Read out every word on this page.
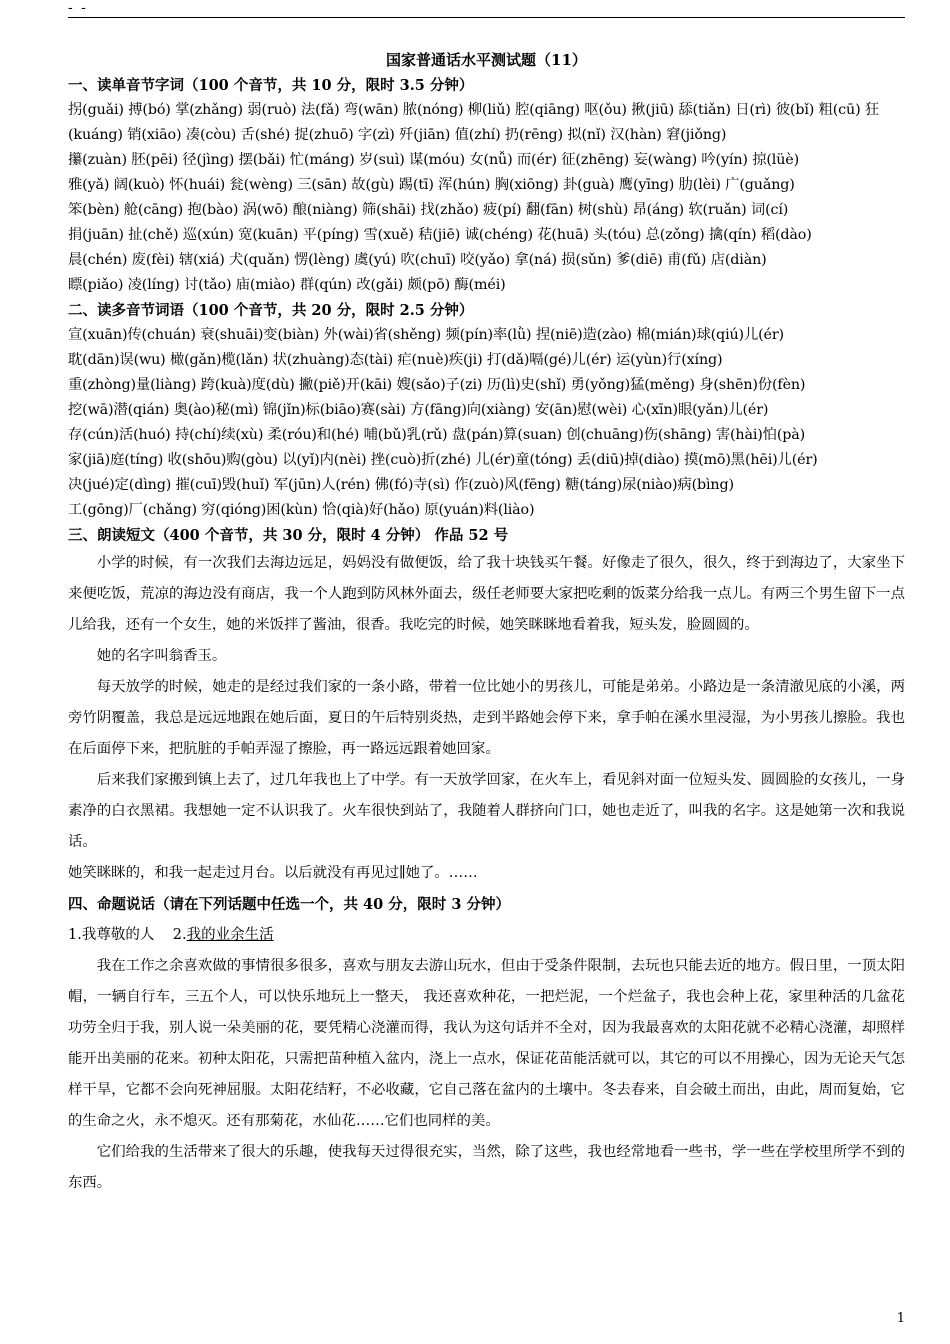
- -
国家普通话水平测试题（11）
一、读单音节字词（100 个音节，共 10 分，限时 3.5 分钟）
拐(guǎi) 搏(bó) 掌(zhǎng) 弱(ruò) 法(fǎ) 弯(wān) 脓(nóng) 柳(liǔ) 腔(qiāng) 呕(ǒu) 揪(jiū) 舔(tiǎn) 日(rì) 彼(bǐ) 粗(cū) 狂
(kuáng) 销(xiāo) 凑(còu) 舌(shé) 捉(zhuō) 字(zì) 歼(jiān) 值(zhí) 扔(rēng) 拟(nǐ) 汉(hàn) 窘(jiǒng)
攥(zuàn) 胚(pēi) 径(jìng) 摆(bǎi) 忙(máng) 岁(suì) 谋(móu) 女(nǚ) 而(ér) 征(zhēng) 妄(wàng) 吟(yín) 掠(lüè)
雅(yǎ) 阔(kuò) 怀(huái) 瓮(wèng) 三(sān) 故(gù) 踢(tī) 浑(hún) 胸(xiōng) 卦(guà) 鹰(yīng) 肋(lèi) 广(guǎng)
笨(bèn) 舱(cāng) 抱(bào) 涡(wō) 酿(niàng) 筛(shāi) 找(zhǎo) 疲(pí) 翻(fān) 树(shù) 昂(áng) 软(ruǎn) 词(cí)
捐(juān) 扯(chě) 巡(xún) 宽(kuān) 平(píng) 雪(xuě) 秸(jiē) 诚(chéng) 花(huā) 头(tóu) 总(zǒng) 擒(qín) 稻(dào)
晨(chén) 废(fèi) 辖(xiá) 犬(quǎn) 愣(lèng) 虞(yú) 吹(chuī) 咬(yǎo) 拿(ná) 损(sǔn) 爹(diē) 甫(fǔ) 店(diàn)
瞟(piǎo) 凌(líng) 讨(tǎo) 庙(miào) 群(qún) 改(gǎi) 颇(pō) 酶(méi)
二、读多音节词语（100 个音节，共 20 分，限时 2.5 分钟）
宣(xuān)传(chuán) 衰(shuāi)变(biàn) 外(wài)省(shěng) 频(pín)率(lǜ) 捏(niē)造(zào) 棉(mián)球(qiú)儿(ér)
耽(dān)误(wu) 橄(gǎn)榄(lǎn) 状(zhuàng)态(tài) 疟(nuè)疾(ji) 打(dǎ)嗝(gé)儿(ér) 运(yùn)行(xíng)
重(zhòng)量(liàng) 跨(kuà)度(dù) 撇(piě)开(kāi) 嫂(sǎo)子(zi) 历(lì)史(shǐ) 勇(yǒng)猛(měng) 身(shēn)份(fèn)
挖(wā)潜(qián) 奥(ào)秘(mì) 锦(jǐn)标(biāo)赛(sài) 方(fāng)向(xiàng) 安(ān)慰(wèi) 心(xīn)眼(yǎn)儿(ér)
存(cún)活(huó) 持(chí)续(xù) 柔(róu)和(hé) 哺(bǔ)乳(rǔ) 盘(pán)算(suan) 创(chuāng)伤(shāng) 害(hài)怕(pà)
家(jiā)庭(tíng) 收(shōu)购(gòu) 以(yǐ)内(nèi) 挫(cuò)折(zhé) 儿(ér)童(tóng) 丢(diū)掉(diào) 摸(mō)黑(hēi)儿(ér)
决(jué)定(dìng) 摧(cuī)毁(huǐ) 军(jūn)人(rén) 佛(fó)寺(sì) 作(zuò)风(fēng) 糖(táng)尿(niào)病(bìng)
工(gōng)厂(chǎng) 穷(qióng)困(kùn) 恰(qià)好(hǎo) 原(yuán)料(liào)
三、朗读短文（400 个音节，共 30 分，限时 4 分钟） 作品 52 号

小学的时候，有一次我们去海边远足，妈妈没有做便饭，给了我十块钱买午餐。好像走了很久，很久，终于到海边了，大家坐下来便吃饭，荒凉的海边没有商店，我一个人跑到防风林外面去，级任老师要大家把吃剩的饭菜分给我一点儿。有两三个男生留下一点儿给我，还有一个女生，她的米饭拌了酱油，很香。我吃完的时候，她笑眯眯地看着我，短头发，脸圆圆的。

她的名字叫翁香玉。

每天放学的时候，她走的是经过我们家的一条小路，带着一位比她小的男孩儿，可能是弟弟。小路边是一条清澈见底的小溪，两旁竹阴覆盖，我总是远远地跟在她后面，夏日的午后特别炎热，走到半路她会停下来，拿手帕在溪水里浸湿，为小男孩儿擦脸。我也在后面停下来，把肮脏的手帕弄湿了擦脸，再一路远远跟着她回家。

后来我们家搬到镇上去了，过几年我也上了中学。有一天放学回家，在火车上，看见斜对面一位短头发、圆圆脸的女孩儿，一身素净的白衣黑裙。我想她一定不认识我了。火车很快到站了，我随着人群挤向门口，她也走近了，叫我的名字。这是她第一次和我说话。

她笑眯眯的，和我一起走过月台。以后就没有再见过∥她了。……

四、命题说话（请在下列话题中任选一个，共 40 分，限时 3 分钟）
1.我尊敬的人 2.我的业余生活

我在工作之余喜欢做的事情很多很多，喜欢与朋友去游山玩水，但由于受条件限制，去玩也只能去近的地方。假日里，一顶太阳帽，一辆自行车，三五个人，可以快乐地玩上一整天， 我还喜欢种花，一把烂泥，一个烂盆子，我也会种上花，家里种活的几盆花功劳全归于我，别人说一朵美丽的花，要凭精心浇灌而得，我认为这句话并不全对，因为我最喜欢的太阳花就不必精心浇灌，却照样能开出美丽的花来。初种太阳花，只需把苗种植入盆内，浇上一点水，保证花苗能活就可以，其它的可以不用操心，因为无论天气怎样干旱，它都不会向死神屈服。太阳花结籽，不必收藏，它自己落在盆内的土壤中。冬去春来，自会破土而出，由此，周而复始，它的生命之火，永不熄灭。还有那菊花，水仙花……它们也同样的美。

它们给我的生活带来了很大的乐趣，使我每天过得很充实，当然，除了这些，我也经常地看一些书，学一些在学校里所学不到的东西。

1
